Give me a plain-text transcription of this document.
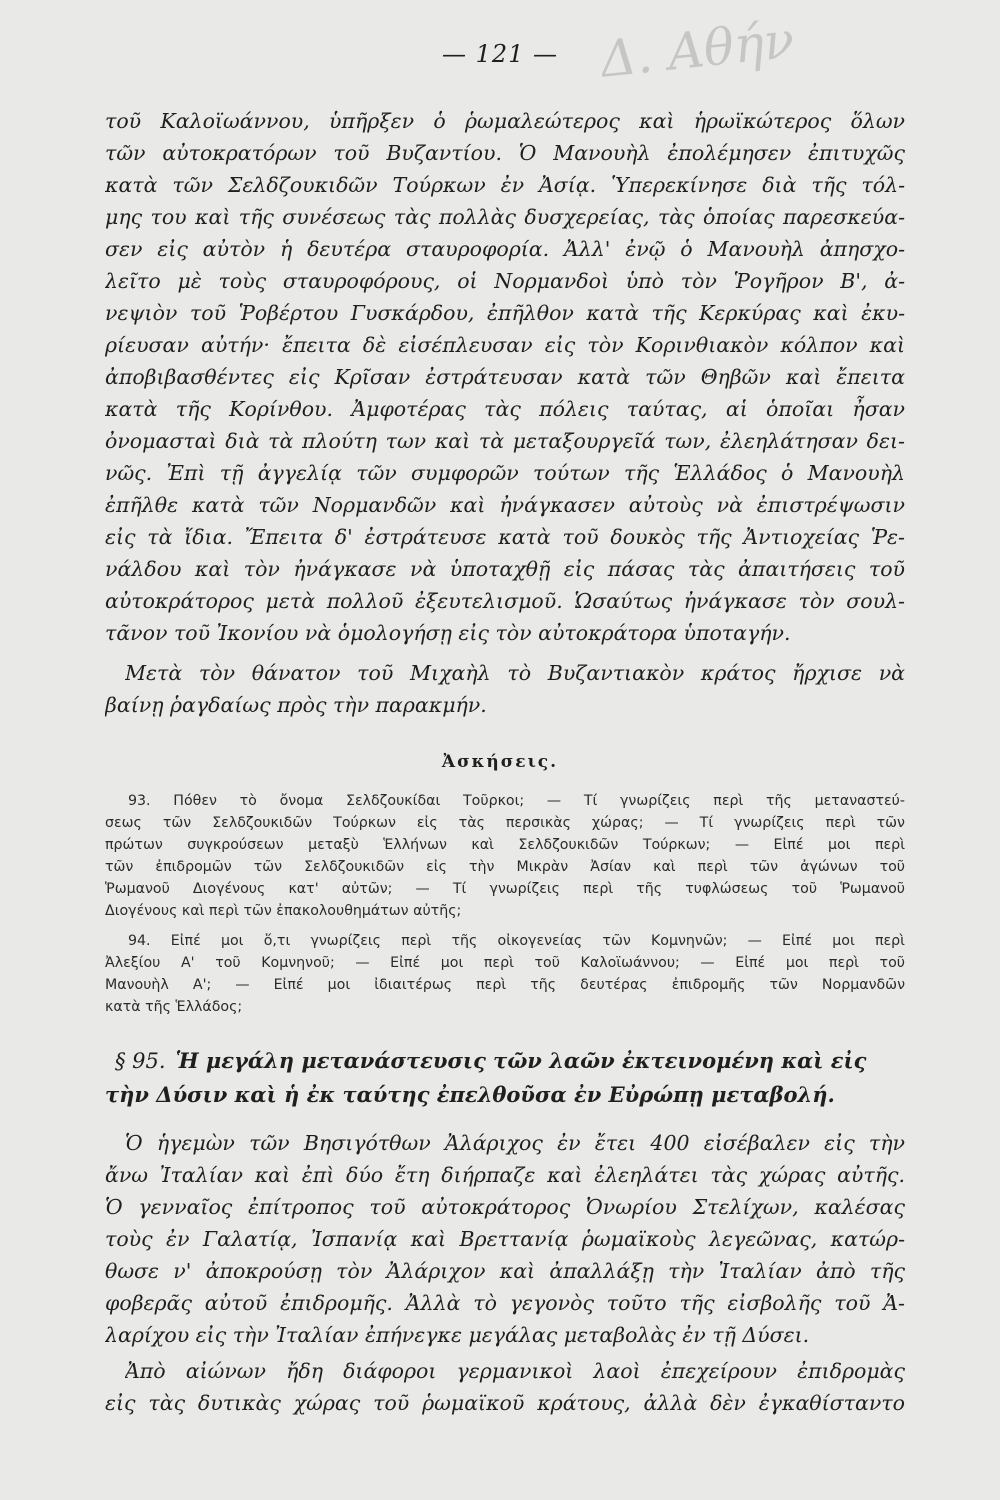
Δ. Αθήν
— 121 —
τοῦ Καλοϊωάννου, ὑπῆρξεν ὁ ῥωμαλεώτερος καὶ ἡρωϊκώτερος ὅλων
τῶν αὐτοκρατόρων τοῦ Βυζαντίου. Ὁ Μανουὴλ ἐπολέμησεν ἐπιτυχῶς
κατὰ τῶν Σελδζουκιδῶν Τούρκων ἐν Ἀσίᾳ. Ὑπερεκίνησε διὰ τῆς τόλ-
μης του καὶ τῆς συνέσεως τὰς πολλὰς δυσχερείας, τὰς ὁποίας παρεσκεύα-
σεν εἰς αὐτὸν ἡ δευτέρα σταυροφορία. Ἀλλ' ἐνῷ ὁ Μανουὴλ ἀπησχο-
λεῖτο μὲ τοὺς σταυροφόρους, οἱ Νορμανδοὶ ὑπὸ τὸν Ῥογῆρον Β', ἀ-
νεψιὸν τοῦ Ῥοβέρτου Γυσκάρδου, ἐπῆλθον κατὰ τῆς Κερκύρας καὶ ἐκυ-
ρίευσαν αὐτήν· ἔπειτα δὲ εἰσέπλευσαν εἰς τὸν Κορινθιακὸν κόλπον καὶ
ἀποβιβασθέντες εἰς Κρῖσαν ἐστράτευσαν κατὰ τῶν Θηβῶν καὶ ἔπειτα
κατὰ τῆς Κορίνθου. Ἀμφοτέρας τὰς πόλεις ταύτας, αἱ ὁποῖαι ἦσαν
ὀνομασταὶ διὰ τὰ πλούτη των καὶ τὰ μεταξουργεῖά των, ἐλεηλάτησαν δει-
νῶς. Ἐπὶ τῇ ἀγγελίᾳ τῶν συμφορῶν τούτων τῆς Ἑλλάδος ὁ Μανουὴλ
ἐπῆλθε κατὰ τῶν Νορμανδῶν καὶ ἠνάγκασεν αὐτοὺς νὰ ἐπιστρέψωσιν
εἰς τὰ ἴδια. Ἔπειτα δ' ἐστράτευσε κατὰ τοῦ δουκὸς τῆς Ἀντιοχείας Ῥε-
νάλδου καὶ τὸν ἠνάγκασε νὰ ὑποταχθῇ εἰς πάσας τὰς ἀπαιτήσεις τοῦ
αὐτοκράτορος μετὰ πολλοῦ ἐξευτελισμοῦ. Ὡσαύτως ἠνάγκασε τὸν σουλ-
τᾶνον τοῦ Ἰκονίου νὰ ὁμολογήσῃ εἰς τὸν αὐτοκράτορα ὑποταγήν.
Μετὰ τὸν θάνατον τοῦ Μιχαὴλ τὸ Βυζαντιακὸν κράτος ἤρχισε νὰ
βαίνῃ ῥαγδαίως πρὸς τὴν παρακμήν.
Ἀσκήσεις.
93. Πόθεν τὸ ὄνομα Σελδζουκίδαι Τοῦρκοι; — Τί γνωρίζεις περὶ τῆς μεταναστεύ-
σεως τῶν Σελδζουκιδῶν Τούρκων εἰς τὰς περσικὰς χώρας; — Τί γνωρίζεις περὶ τῶν
πρώτων συγκρούσεων μεταξὺ Ἑλλήνων καὶ Σελδζουκιδῶν Τούρκων; — Εἰπέ μοι περὶ
τῶν ἐπιδρομῶν τῶν Σελδζουκιδῶν εἰς τὴν Μικρὰν Ἀσίαν καὶ περὶ τῶν ἀγώνων τοῦ
Ῥωμανοῦ Διογένους κατ' αὐτῶν; — Τί γνωρίζεις περὶ τῆς τυφλώσεως τοῦ Ῥωμανοῦ
Διογένους καὶ περὶ τῶν ἐπακολουθημάτων αὐτῆς;
94. Εἰπέ μοι ὅ,τι γνωρίζεις περὶ τῆς οἰκογενείας τῶν Κομνηνῶν; — Εἰπέ μοι περὶ
Ἀλεξίου Α' τοῦ Κομνηνοῦ; — Εἰπέ μοι περὶ τοῦ Καλοϊωάννου; — Εἰπέ μοι περὶ τοῦ
Μανουὴλ Α'; — Εἰπέ μοι ἰδιαιτέρως περὶ τῆς δευτέρας ἐπιδρομῆς τῶν Νορμανδῶν
κατὰ τῆς Ἑλλάδος;
§ 95. Ἡ μεγάλη μετανάστευσις τῶν λαῶν ἐκτεινομένη καὶ εἰς
τὴν Δύσιν καὶ ἡ ἐκ ταύτης ἐπελθοῦσα ἐν Εὐρώπῃ μεταβολή.
Ὁ ἡγεμὼν τῶν Βησιγότθων Ἀλάριχος ἐν ἔτει 400 εἰσέβαλεν εἰς τὴν
ἄνω Ἰταλίαν καὶ ἐπὶ δύο ἔτη διήρπαζε καὶ ἐλεηλάτει τὰς χώρας αὐτῆς.
Ὁ γενναῖος ἐπίτροπος τοῦ αὐτοκράτορος Ὀνωρίου Στελίχων, καλέσας
τοὺς ἐν Γαλατίᾳ, Ἰσπανίᾳ καὶ Βρεττανίᾳ ῥωμαϊκοὺς λεγεῶνας, κατώρ-
θωσε ν' ἀποκρούσῃ τὸν Ἀλάριχον καὶ ἀπαλλάξῃ τὴν Ἰταλίαν ἀπὸ τῆς
φοβερᾶς αὐτοῦ ἐπιδρομῆς. Ἀλλὰ τὸ γεγονὸς τοῦτο τῆς εἰσβολῆς τοῦ Ἀ-
λαρίχου εἰς τὴν Ἰταλίαν ἐπήνεγκε μεγάλας μεταβολὰς ἐν τῇ Δύσει.
Ἀπὸ αἰώνων ἤδη διάφοροι γερμανικοὶ λαοὶ ἐπεχείρουν ἐπιδρομὰς
εἰς τὰς δυτικὰς χώρας τοῦ ῥωμαϊκοῦ κράτους, ἀλλὰ δὲν ἐγκαθίσταντο
